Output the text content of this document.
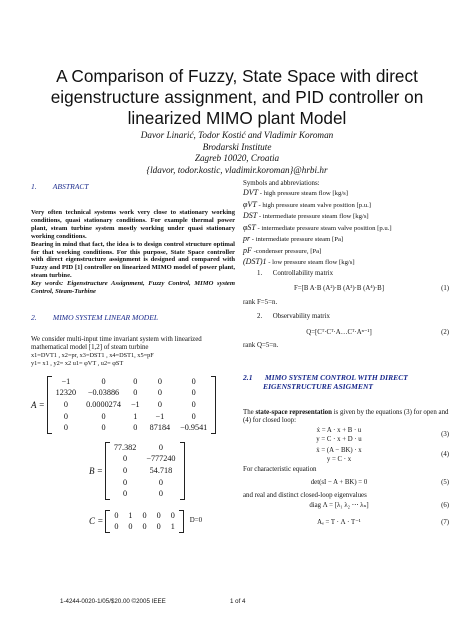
A Comparison of Fuzzy, State Space with direct
eigenstructure assignment, and PID controller on
linearized MIMO plant Model
Davor Linarić, Todor Kostić and Vladimir Koroman
Brodarski Institute
Zagreb 10020, Croatia
{ldavor, todor.kostic, vladimir.koroman}@hrbi.hr
1. ABSTRACT

Very often technical systems work very close to stationary working conditions, quasi stationary conditions. For example thermal power plant, steam turbine system mostly working under quasi stationary working conditions.

Bearing in mind that fact, the idea is to design control structure optimal for that working conditions. For this purpose, State Space controller with direct eigenstructure assignment is designed and compared with Fuzzy and PID [1] controller on linearized MIMO model of power plant, steam turbine.

Key words: Eigenstructure Assignment, Fuzzy Control, MIMO system Control, Steam-Turbine

2. MIMO SYSTEM LINEAR MODEL
We consider multi-input time invariant system with linearized mathematical model [1,2] of steam turbine
x1=DVT1 , x2=pr, x3=DST1 , x4=DST1, x5=pF
y1= x1 , y2= x2 u1= φVT , u2= φST
A =
−1	0	0	0	0
12320	−0.03886	0	0	0
0	0.0000274	−1	0	0
0	0	1	−1	0
0	0	0	87184	−0.9541
B =
77.382	0
0	−777240
0	54.718
0	0
0	0
C =
0	1	0	0	0
0	0	0	0	1
D=0
Symbols and abbreviations:
DVT - high pressure steam flow [kg/s]
φVT - high pressure steam valve position [p.u.]
DST - intermediate pressure steam flow [kg/s]
φST - intermediate pressure steam valve position [p.u.]
pr - intermediate pressure steam [Pa]
pF -condenser pressure, [Pa]
(DST)1 - low pressure steam flow [kg/s]
1. Controllability matrix
F=[B A·B (A²)·B (A³)·B (A⁴)·B]	(1)
rank F=5=n.
2. Observability matrix
Q=[Cᵀ·Cᵀ·A…Cᵀ·Aⁿ⁻¹]	(2)
rank Q=5=n.
2.1 MIMO SYSTEM CONTROL WITH DIRECT
EIGENSTRUCTURE ASIGMENT
The state-space representation is given by the equations (3) for open and (4) for closed loop:
ẋ = A · x + B · u
y = C · x + D · u
(3)
ẋ = (A − BK) · x
y = C · x
(4)
For characteristic equation
det(sI − A + BK) = 0	(5)
and real and distinct closed-loop eigenvalues
diag Λ = [λ₁ λ₂ ⋯ λₙ]	(6)
Aₑ = T · Λ · T⁻¹	(7)
1-4244-0020-1/05/$20.00 ©2005 IEEE	1 of 4
